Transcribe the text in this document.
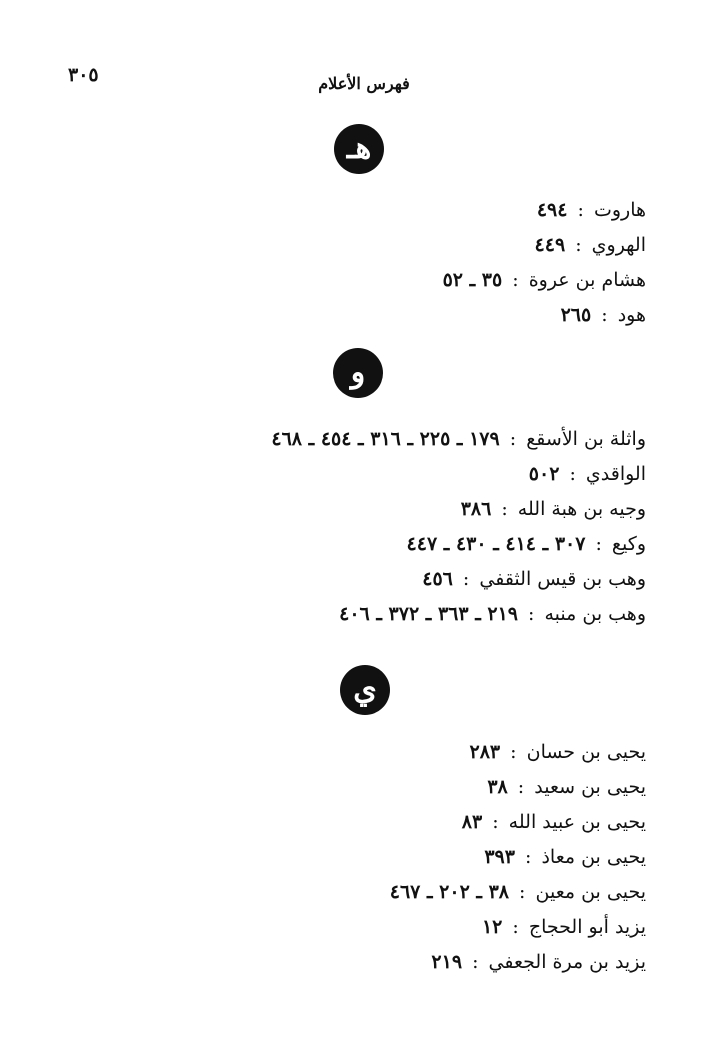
٣٠٥	فهرس الأعلام
هـ
هاروت : ٤٩٤
الهروي : ٤٤٩
هشام بن عروة : ٣٥ ـ ٥٢
هود : ٢٦٥
و
واثلة بن الأسقع : ١٧٩ ـ ٢٢٥ ـ ٣١٦ ـ ٤٥٤ ـ ٤٦٨
الواقدي : ٥٠٢
وجيه بن هبة الله : ٣٨٦
وكيع : ٣٠٧ ـ ٤١٤ ـ ٤٣٠ ـ ٤٤٧
وهب بن قيس الثقفي : ٤٥٦
وهب بن منبه : ٢١٩ ـ ٣٦٣ ـ ٣٧٢ ـ ٤٠٦
ي
يحيى بن حسان : ٢٨٣
يحيى بن سعيد : ٣٨
يحيى بن عبيد الله : ٨٣
يحيى بن معاذ : ٣٩٣
يحيى بن معين : ٣٨ ـ ٢٠٢ ـ ٤٦٧
يزيد أبو الحجاج : ١٢
يزيد بن مرة الجعفي : ٢١٩
